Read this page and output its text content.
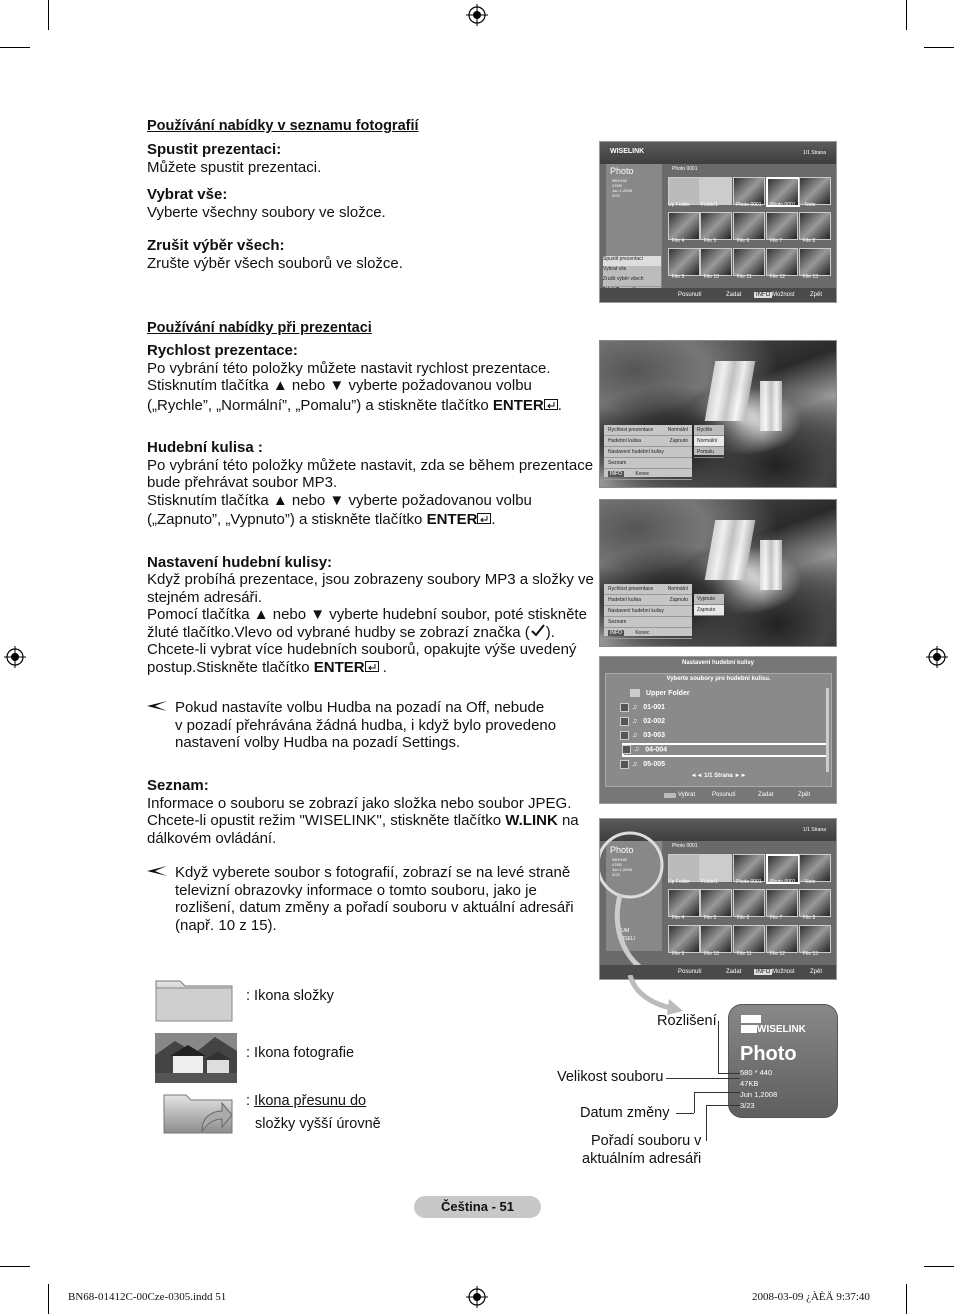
Používání nabídky v seznamu fotografií
Spustit prezentaci:
Můžete spustit prezentaci.
Vybrat vše:
Vyberte všechny soubory ve složce.
Zrušit výběr všech:
Zrušte výběr všech souborů ve složce.
Používání nabídky při prezentaci
Rychlost prezentace:
Po vybrání této položky můžete nastavit rychlost prezentace.
Stisknutím tlačítka ▲ nebo ▼ vyberte požadovanou volbu
(„Rychle”, „Normální”, „Pomalu”) a stiskněte tlačítko ENTER .
Hudební kulisa :
Po vybrání této položky můžete nastavit, zda se během prezentace
bude přehrávat soubor MP3.
Stisknutím tlačítka ▲ nebo ▼ vyberte požadovanou volbu
(„Zapnuto”, „Vypnuto”) a stiskněte tlačítko ENTER .
Nastavení hudební kulisy:
Když probíhá prezentace, jsou zobrazeny soubory MP3 a složky ve
stejném adresáři.
Pomocí tlačítka ▲ nebo ▼ vyberte hudební soubor, poté stiskněte
žluté tlačítko.Vlevo od vybrané hudby se zobrazí značka ( ).
Chcete-li vybrat více hudebních souborů, opakujte výše uvedený
postup.Stiskněte tlačítko ENTER .
Pokud nastavíte volbu Hudba na pozadí na Off, nebude
v pozadí přehrávána žádná hudba, i když bylo provedeno
nastavení volby Hudba na pozadí Settings.
Seznam:
Informace o souboru se zobrazí jako složka nebo soubor JPEG.
Chcete-li opustit režim "WISELINK", stiskněte tlačítko W.LINK na
dálkovém ovládání.
Když vyberete soubor s fotografií, zobrazí se na levé straně
televizní obrazovky informace o tomto souboru, jako je
rozlišení, datum změny a pořadí souboru v aktuální adresáři
(např. 10 z 15).
: Ikona složky
: Ikona fotografie
: Ikona přesunu do
složky vyšší úrovně
WISELINK	1/1 Strana
Photo
580*440
47KB
Jun 1,2008
3/23
Photo 0001
Up Folder Folder1	Photo 0001 Photo 0001 Note
File 4	File 5	File 6	File 7	File 8
File 9	File 10	File 11	File 12	File 13
Spustit prezentaci
Vybrat vše
Zrušit výběr všech
Posunutí	Zadat	INFO Možnost	Zpět
Rychlost prezentace	Normální
Hudební kulisa	Zapnuto
Nastavení hudební kulisy
Seznam
INFO	Konec
Rychle
Normální
Pomalu
Rychlost prezentace	Normální
Hudební kulisa	Zapnuto
Nastavení hudební kulisy
Seznam
INFO	Konec
Vypnuto
Zapnuto
Nastavení hudební kulisy
Vyberte soubory pro hudební kulisu.
Upper Folder
♫ 01-001
♫ 02-002
♫ 03-003
♫ 04-004
♫ 05-005
◄◄ 1/1 Strana ►►
Vybrat	Posunutí	Zadat	Zpět
1/1 Strana
Photo
580*440
47KB
Jun 1,2008
3/23
SUM
WISELI
Photo 0001
Up Folder Folder1	Photo 0001 Photo 0001 Note
File 4	File 5	File 6	File 7	File 8
File 9	File 10	File 11	File 12	File 13
Posunutí	Zadat	INFO Možnost	Zpět
WISELINK
Photo
580 * 440
47KB
Jun 1,2008
3/23
Rozlišení
Velikost souboru
Datum změny
Pořadí souboru v
aktuálním adresáři
Čeština - 51
BN68-01412C-00Cze-0305.indd 51	2008-03-09 ¿ÀÈÄ 9:37:40
